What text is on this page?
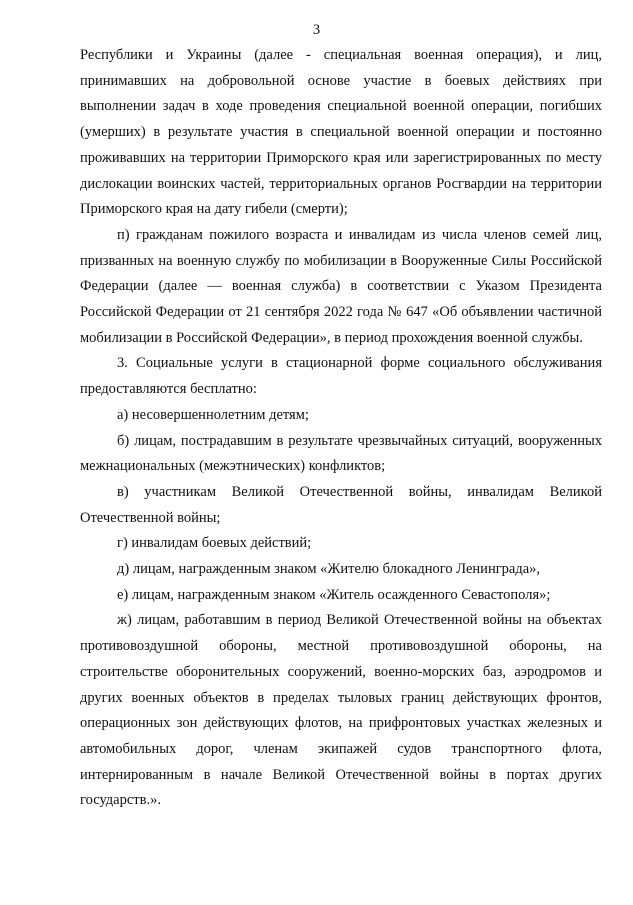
3

Республики и Украины (далее - специальная военная операция), и лиц, принимавших на добровольной основе участие в боевых действиях при выполнении задач в ходе проведения специальной военной операции, погибших (умерших) в результате участия в специальной военной операции и постоянно проживавших на территории Приморского края или зарегистрированных по месту дислокации воинских частей, территориальных органов Росгвардии на территории Приморского края на дату гибели (смерти);

п) гражданам пожилого возраста и инвалидам из числа членов семей лиц, призванных на военную службу по мобилизации в Вооруженные Силы Российской Федерации (далее — военная служба) в соответствии с Указом Президента Российской Федерации от 21 сентября 2022 года № 647 «Об объявлении частичной мобилизации в Российской Федерации», в период прохождения военной службы.

3. Социальные услуги в стационарной форме социального обслуживания предоставляются бесплатно:

а) несовершеннолетним детям;

б) лицам, пострадавшим в результате чрезвычайных ситуаций, вооруженных межнациональных (межэтнических) конфликтов;

в) участникам Великой Отечественной войны, инвалидам Великой Отечественной войны;

г) инвалидам боевых действий;

д) лицам, награжденным знаком «Жителю блокадного Ленинграда»,

е) лицам, награжденным знаком «Житель осажденного Севастополя»;

ж) лицам, работавшим в период Великой Отечественной войны на объектах противовоздушной обороны, местной противовоздушной обороны, на строительстве оборонительных сооружений, военно-морских баз, аэродромов и других военных объектов в пределах тыловых границ действующих фронтов, операционных зон действующих флотов, на прифронтовых участках железных и автомобильных дорог, членам экипажей судов транспортного флота, интернированным в начале Великой Отечественной войны в портах других государств.».
